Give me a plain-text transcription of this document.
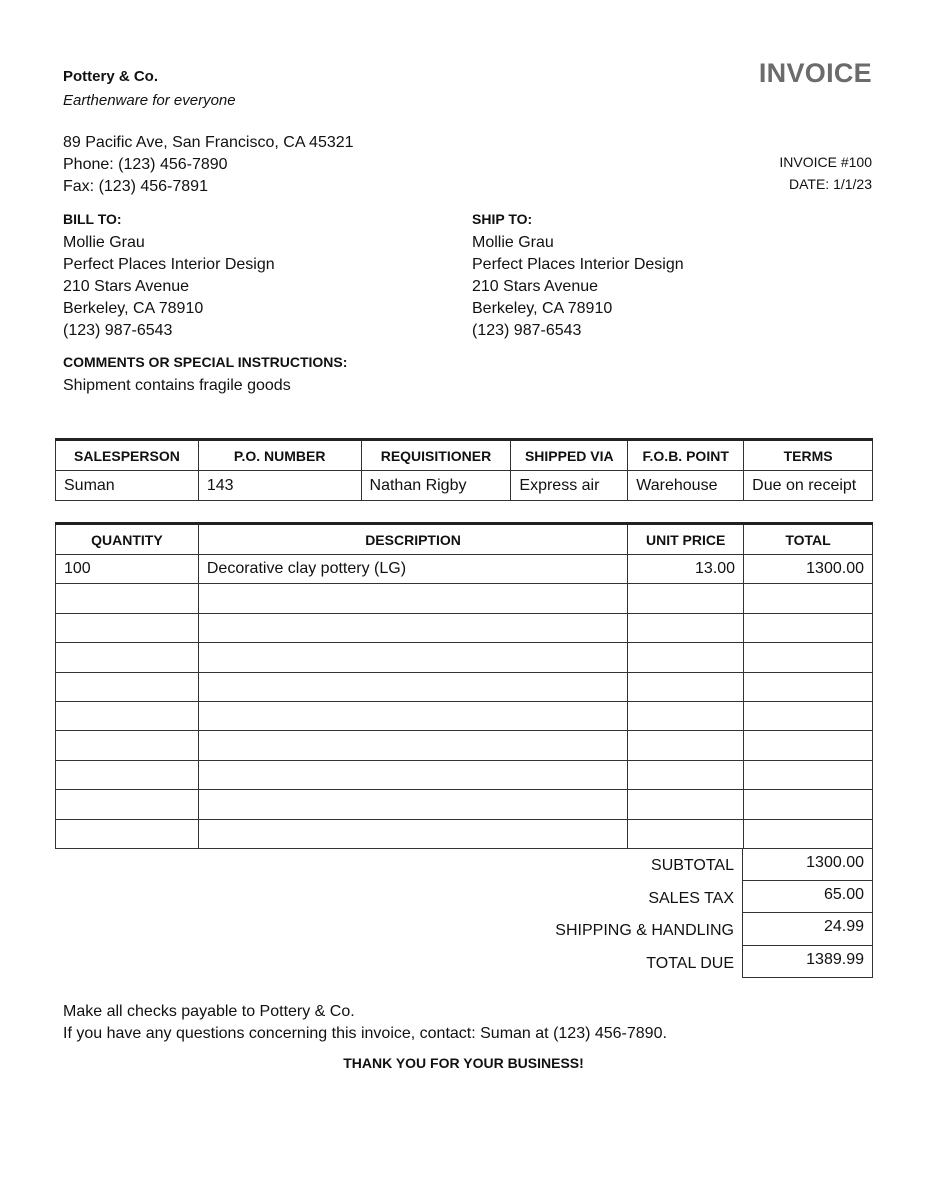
Pottery & Co.
Earthenware for everyone
89 Pacific Ave, San Francisco, CA 45321
Phone: (123) 456-7890
Fax: (123) 456-7891
INVOICE
INVOICE #100
DATE: 1/1/23
BILL TO:
Mollie Grau
Perfect Places Interior Design
210 Stars Avenue
Berkeley, CA 78910
(123) 987-6543
SHIP TO:
Mollie Grau
Perfect Places Interior Design
210 Stars Avenue
Berkeley, CA 78910
(123) 987-6543
COMMENTS OR SPECIAL INSTRUCTIONS:
Shipment contains fragile goods
SALESPERSON	P.O. NUMBER	REQUISITIONER	SHIPPED VIA	F.O.B. POINT	TERMS
Suman	143	Nathan Rigby	Express air	Warehouse	Due on receipt
QUANTITY	DESCRIPTION	UNIT PRICE	TOTAL
100	Decorative clay pottery (LG)	13.00	1300.00

SUBTOTAL	1300.00
SALES TAX	65.00
SHIPPING & HANDLING	24.99
TOTAL DUE	1389.99
Make all checks payable to Pottery & Co.
If you have any questions concerning this invoice, contact: Suman at (123) 456-7890.
THANK YOU FOR YOUR BUSINESS!
